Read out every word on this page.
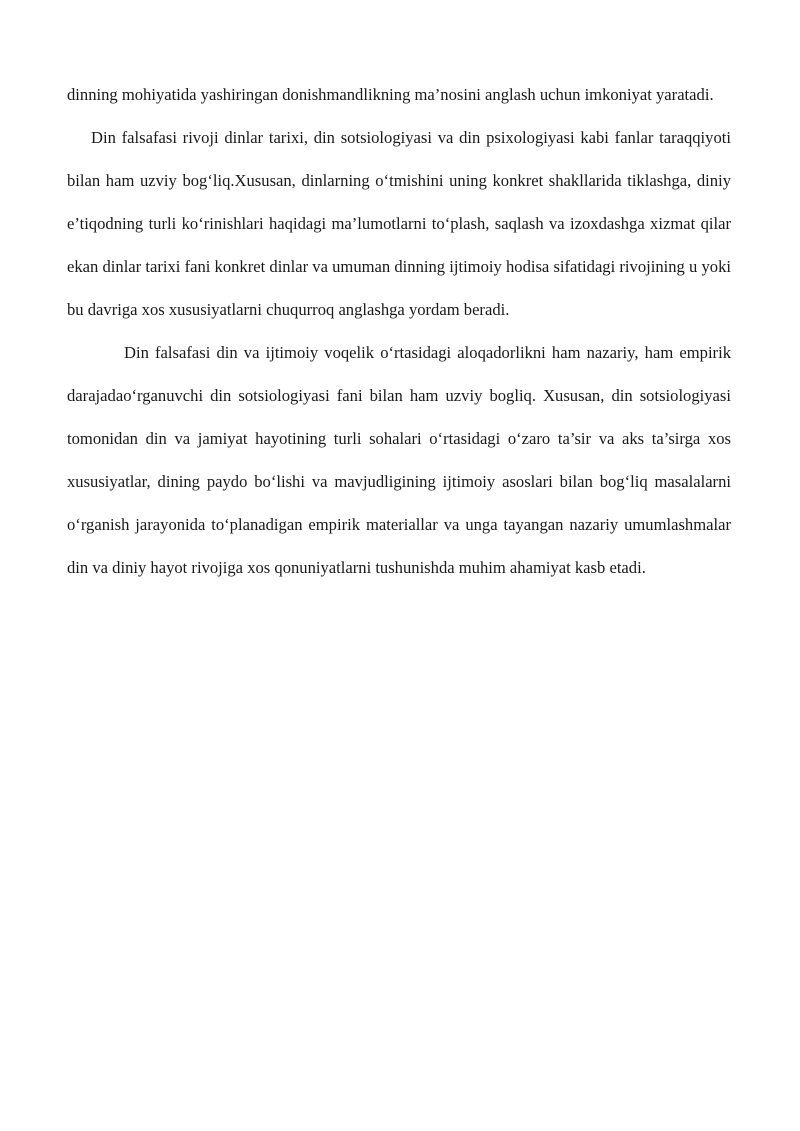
dinning mohiyatida yashiringan donishmandlikning ma’nosini anglash uchun imkoniyat yaratadi.

Din falsafasi rivoji dinlar tarixi, din sotsiologiyasi va din psixologiyasi kabi fanlar taraqqiyoti bilan ham uzviy bog‘liq.Xususan, dinlarning o‘tmishini uning konkret shakllarida tiklashga, diniy e’tiqodning turli ko‘rinishlari haqidagi ma’lumotlarni to‘plash, saqlash va izoxdashga xizmat qilar ekan dinlar tarixi fani konkret dinlar va umuman dinning ijtimoiy hodisa sifatidagi rivojining u yoki bu davriga xos xususiyatlarni chuqurroq anglashga yordam beradi.

Din falsafasi din va ijtimoiy voqelik o‘rtasidagi aloqadorlikni ham nazariy, ham empirik darajadao‘rganuvchi din sotsiologiyasi fani bilan ham uzviy bogliq. Xususan, din sotsiologiyasi tomonidan din va jamiyat hayotining turli sohalari o‘rtasidagi o‘zaro ta’sir va aks ta’sirga xos xususiyatlar, dining paydo bo‘lishi va mavjudligining ijtimoiy asoslari bilan bog‘liq masalalarni o‘rganish jarayonida to‘planadigan empirik materiallar va unga tayangan nazariy umumlashmalar din va diniy hayot rivojiga xos qonuniyatlarni tushunishda muhim ahamiyat kasb etadi.
